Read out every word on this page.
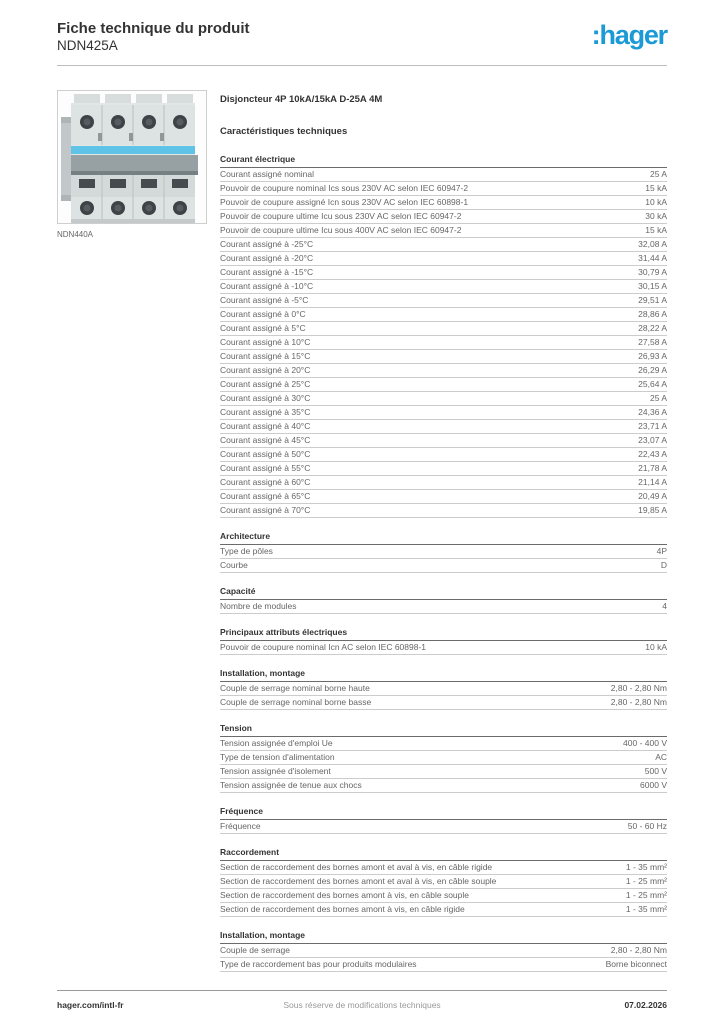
Fiche technique du produit
NDN425A	:hager
NDN440A
Disjoncteur 4P 10kA/15kA D-25A 4M
Caractéristiques techniques
Courant électrique
Courant assigné nominal	25 A
Pouvoir de coupure nominal Ics sous 230V AC selon IEC 60947-2	15 kA
Pouvoir de coupure assigné Icn sous 230V AC selon IEC 60898-1	10 kA
Pouvoir de coupure ultime Icu sous 230V AC selon IEC 60947-2	30 kA
Pouvoir de coupure ultime Icu sous 400V AC selon IEC 60947-2	15 kA
Courant assigné à -25°C	32,08 A
Courant assigné à -20°C	31,44 A
Courant assigné à -15°C	30,79 A
Courant assigné à -10°C	30,15 A
Courant assigné à -5°C	29,51 A
Courant assigné à 0°C	28,86 A
Courant assigné à 5°C	28,22 A
Courant assigné à 10°C	27,58 A
Courant assigné à 15°C	26,93 A
Courant assigné à 20°C	26,29 A
Courant assigné à 25°C	25,64 A
Courant assigné à 30°C	25 A
Courant assigné à 35°C	24,36 A
Courant assigné à 40°C	23,71 A
Courant assigné à 45°C	23,07 A
Courant assigné à 50°C	22,43 A
Courant assigné à 55°C	21,78 A
Courant assigné à 60°C	21,14 A
Courant assigné à 65°C	20,49 A
Courant assigné à 70°C	19,85 A
Architecture
Type de pôles	4P
Courbe	D
Capacité
Nombre de modules	4
Principaux attributs électriques
Pouvoir de coupure nominal Icn AC selon IEC 60898-1	10 kA
Installation, montage
Couple de serrage nominal borne haute	2,80 - 2,80 Nm
Couple de serrage nominal borne basse	2,80 - 2,80 Nm
Tension
Tension assignée d'emploi Ue	400 - 400 V
Type de tension d'alimentation	AC
Tension assignée d'isolement	500 V
Tension assignée de tenue aux chocs	6000 V
Fréquence
Fréquence	50 - 60 Hz
Raccordement
Section de raccordement des bornes amont et aval à vis, en câble rigide	1 - 35 mm²
Section de raccordement des bornes amont et aval à vis, en câble souple	1 - 25 mm²
Section de raccordement des bornes amont à vis, en câble souple	1 - 25 mm²
Section de raccordement des bornes amont à vis, en câble rigide	1 - 35 mm²
Installation, montage
Couple de serrage	2,80 - 2,80 Nm
Type de raccordement bas pour produits modulaires	Borne biconnect
hager.com/intl-fr	Sous réserve de modifications techniques	07.02.2026
